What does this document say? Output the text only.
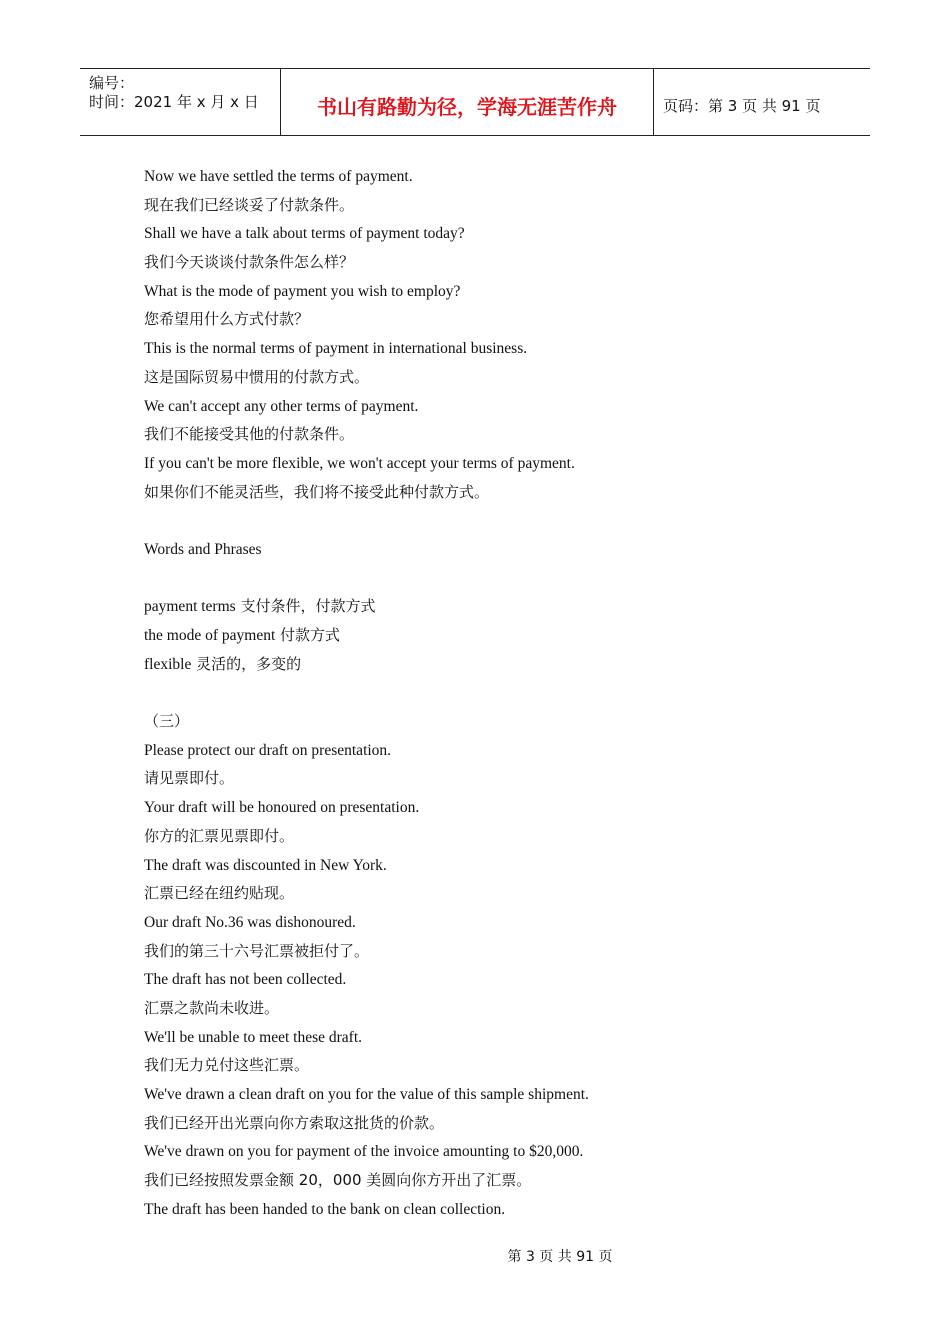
编号：
时间：2021 年 x 月 x 日	书山有路勤为径，学海无涯苦作舟	页码：第 3 页 共 91 页
Now we have settled the terms of payment.
现在我们已经谈妥了付款条件。
Shall we have a talk about terms of payment today?
我们今天谈谈付款条件怎么样？
What is the mode of payment you wish to employ?
您希望用什么方式付款？
This is the normal terms of payment in international business.
这是国际贸易中惯用的付款方式。
We can't accept any other terms of payment.
我们不能接受其他的付款条件。
If you can't be more flexible, we won't accept your terms of payment.
如果你们不能灵活些，我们将不接受此种付款方式。
Words and Phrases
payment terms 支付条件，付款方式
the mode of payment 付款方式
flexible 灵活的，多变的
（三）
Please protect our draft on presentation.
请见票即付。
Your draft will be honoured on presentation.
你方的汇票见票即付。
The draft was discounted in New York.
汇票已经在纽约贴现。
Our draft No.36 was dishonoured.
我们的第三十六号汇票被拒付了。
The draft has not been collected.
汇票之款尚未收进。
We'll be unable to meet these draft.
我们无力兑付这些汇票。
We've drawn a clean draft on you for the value of this sample shipment.
我们已经开出光票向你方索取这批货的价款。
We've drawn on you for payment of the invoice amounting to $20,000.
我们已经按照发票金额 20，000 美圆向你方开出了汇票。
The draft has been handed to the bank on clean collection.
第 3 页 共 91 页
